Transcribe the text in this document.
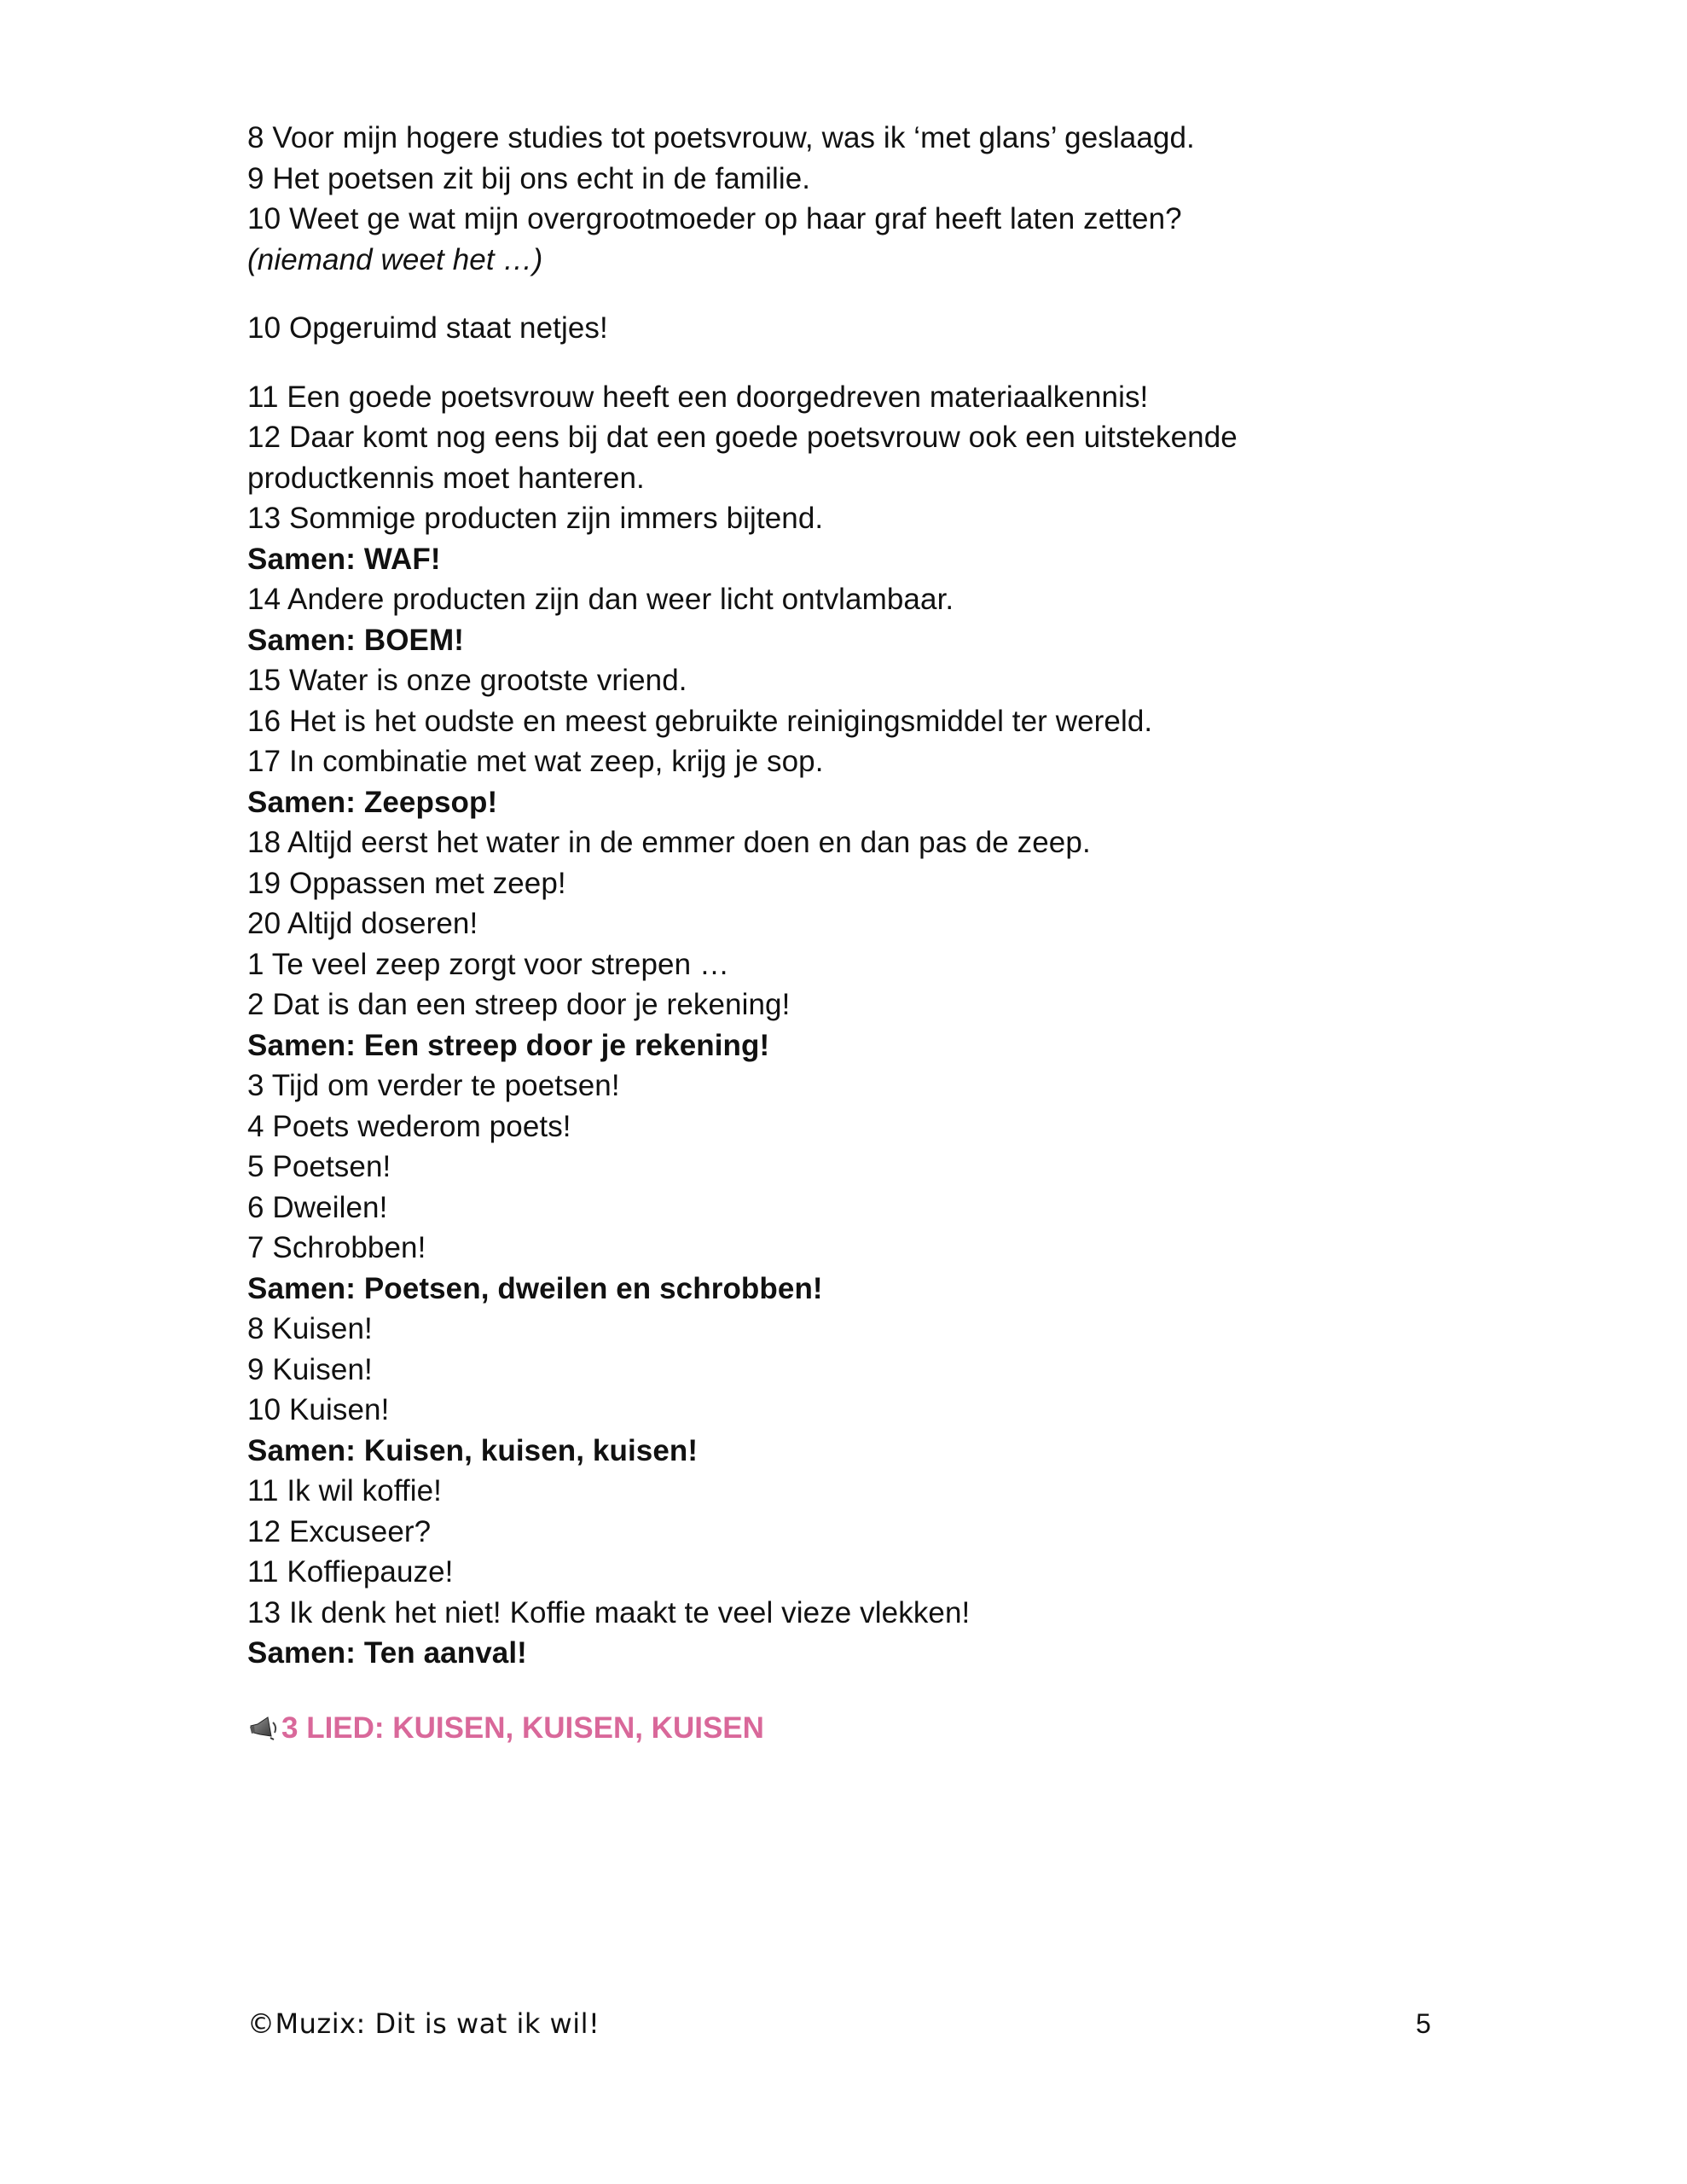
8 Voor mijn hogere studies tot poetsvrouw, was ik ‘met glans’ geslaagd.
9 Het poetsen zit bij ons echt in de familie.
10 Weet ge wat mijn overgrootmoeder op haar graf heeft laten zetten?
(niemand weet het …)
10 Opgeruimd staat netjes!
11 Een goede poetsvrouw heeft een doorgedreven materiaalkennis!
12 Daar komt nog eens bij dat een goede poetsvrouw ook een uitstekende
productkennis moet hanteren.
13 Sommige producten zijn immers bijtend.
Samen: WAF!
14 Andere producten zijn dan weer licht ontvlambaar.
Samen: BOEM!
15 Water is onze grootste vriend.
16 Het is het oudste en meest gebruikte reinigingsmiddel ter wereld.
17 In combinatie met wat zeep, krijg je sop.
Samen: Zeepsop!
18 Altijd eerst het water in de emmer doen en dan pas de zeep.
19 Oppassen met zeep!
20 Altijd doseren!
1 Te veel zeep zorgt voor strepen …
2 Dat is dan een streep door je rekening!
Samen: Een streep door je rekening!
3 Tijd om verder te poetsen!
4 Poets wederom poets!
5 Poetsen!
6 Dweilen!
7 Schrobben!
Samen: Poetsen, dweilen en schrobben!
8 Kuisen!
9 Kuisen!
10 Kuisen!
Samen: Kuisen, kuisen, kuisen!
11 Ik wil koffie!
12 Excuseer?
11 Koffiepauze!
13 Ik denk het niet! Koffie maakt te veel vieze vlekken!
Samen: Ten aanval!
3 LIED: KUISEN, KUISEN, KUISEN
©Muzix: Dit is wat ik wil!	5
